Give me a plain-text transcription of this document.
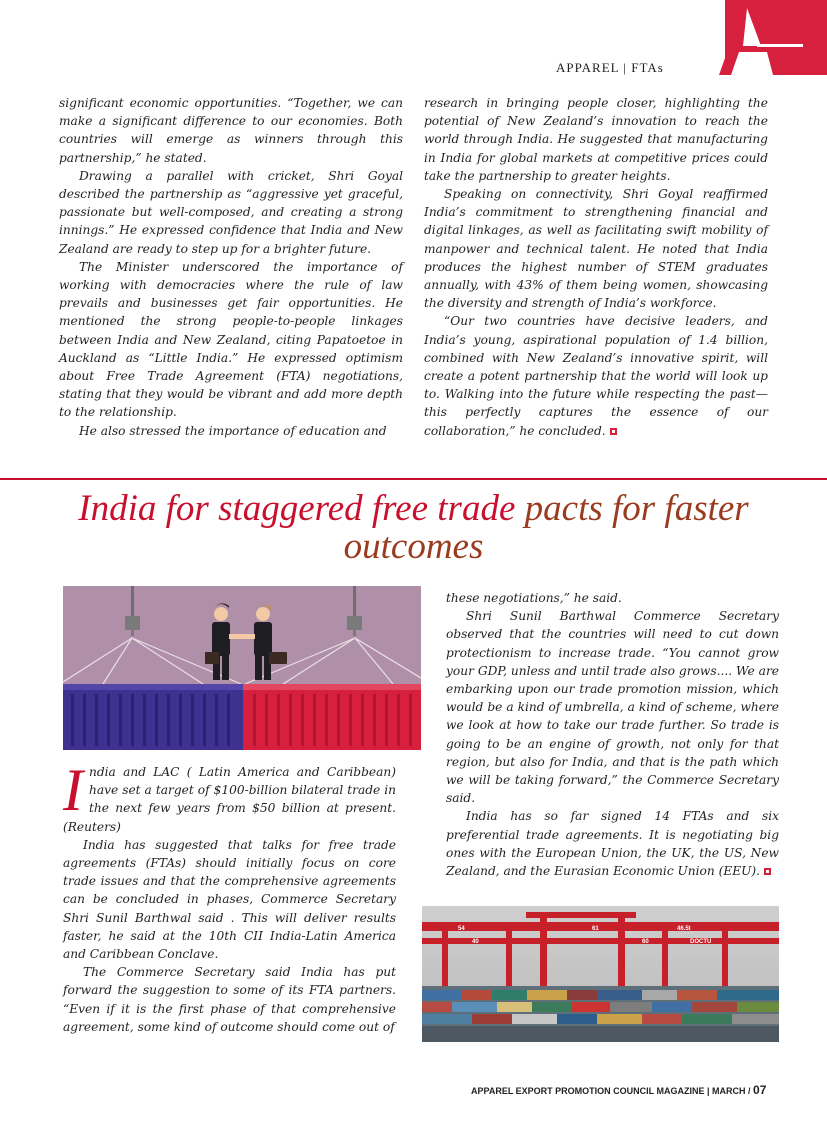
APPAREL | FTAs

significant economic opportunities. “Together, we can make a significant difference to our economies. Both countries will emerge as winners through this partnership,” he stated.

Drawing a parallel with cricket, Shri Goyal described the partnership as “aggressive yet graceful, passionate but well-composed, and creating a strong innings.” He expressed confidence that India and New Zealand are ready to step up for a brighter future.

The Minister underscored the importance of working with democracies where the rule of law prevails and businesses get fair opportunities. He mentioned the strong people-to-people linkages between India and New Zealand, citing Papatoetoe in Auckland as “Little India.” He expressed optimism about Free Trade Agreement (FTA) negotiations, stating that they would be vibrant and add more depth to the relationship.

He also stressed the importance of education and

research in bringing people closer, highlighting the potential of New Zealand’s innovation to reach the world through India. He suggested that manufacturing in India for global markets at competitive prices could take the partnership to greater heights.

Speaking on connectivity, Shri Goyal reaffirmed India’s commitment to strengthening financial and digital linkages, as well as facilitating swift mobility of manpower and technical talent. He noted that India produces the highest number of STEM graduates annually, with 43% of them being women, showcasing the diversity and strength of India’s workforce.

“Our two countries have decisive leaders, and India’s young, aspirational population of 1.4 billion, combined with New Zealand’s innovative spirit, will create a potent partnership that the world will look up to. Walking into the future while respecting the past—this perfectly captures the essence of our collaboration,” he concluded.

India for staggered free trade pacts for faster outcomes

India and LAC ( Latin America and Caribbean) have set a target of $100-billion bilateral trade in the next few years from $50 billion at present. (Reuters)

India has suggested that talks for free trade agreements (FTAs) should initially focus on core trade issues and that the comprehensive agreements can be concluded in phases, Commerce Secretary Shri Sunil Barthwal said . This will deliver results faster, he said at the 10th CII India-Latin America and Caribbean Conclave.

The Commerce Secretary said India has put forward the suggestion to some of its FTA partners. “Even if it is the first phase of that comprehensive agreement, some kind of outcome should come out of

these negotiations,” he said.

Shri Sunil Barthwal Commerce Secretary observed that the countries will need to cut down protectionism to increase trade. “You cannot grow your GDP, unless and until trade also grows.... We are embarking upon our trade promotion mission, which would be a kind of umbrella, a kind of scheme, where we look at how to take our trade further. So trade is going to be an engine of growth, not only for that region, but also for India, and that is the path which we will be taking forward,” the Commerce Secretary said.

India has so far signed 14 FTAs and six preferential trade agreements. It is negotiating big ones with the European Union, the UK, the US, New Zealand, and the Eurasian Economic Union (EEU).

54	61	46.5t
40	60	DOCTU
APPAREL EXPORT PROMOTION COUNCIL MAGAZINE | MARCH / 07
